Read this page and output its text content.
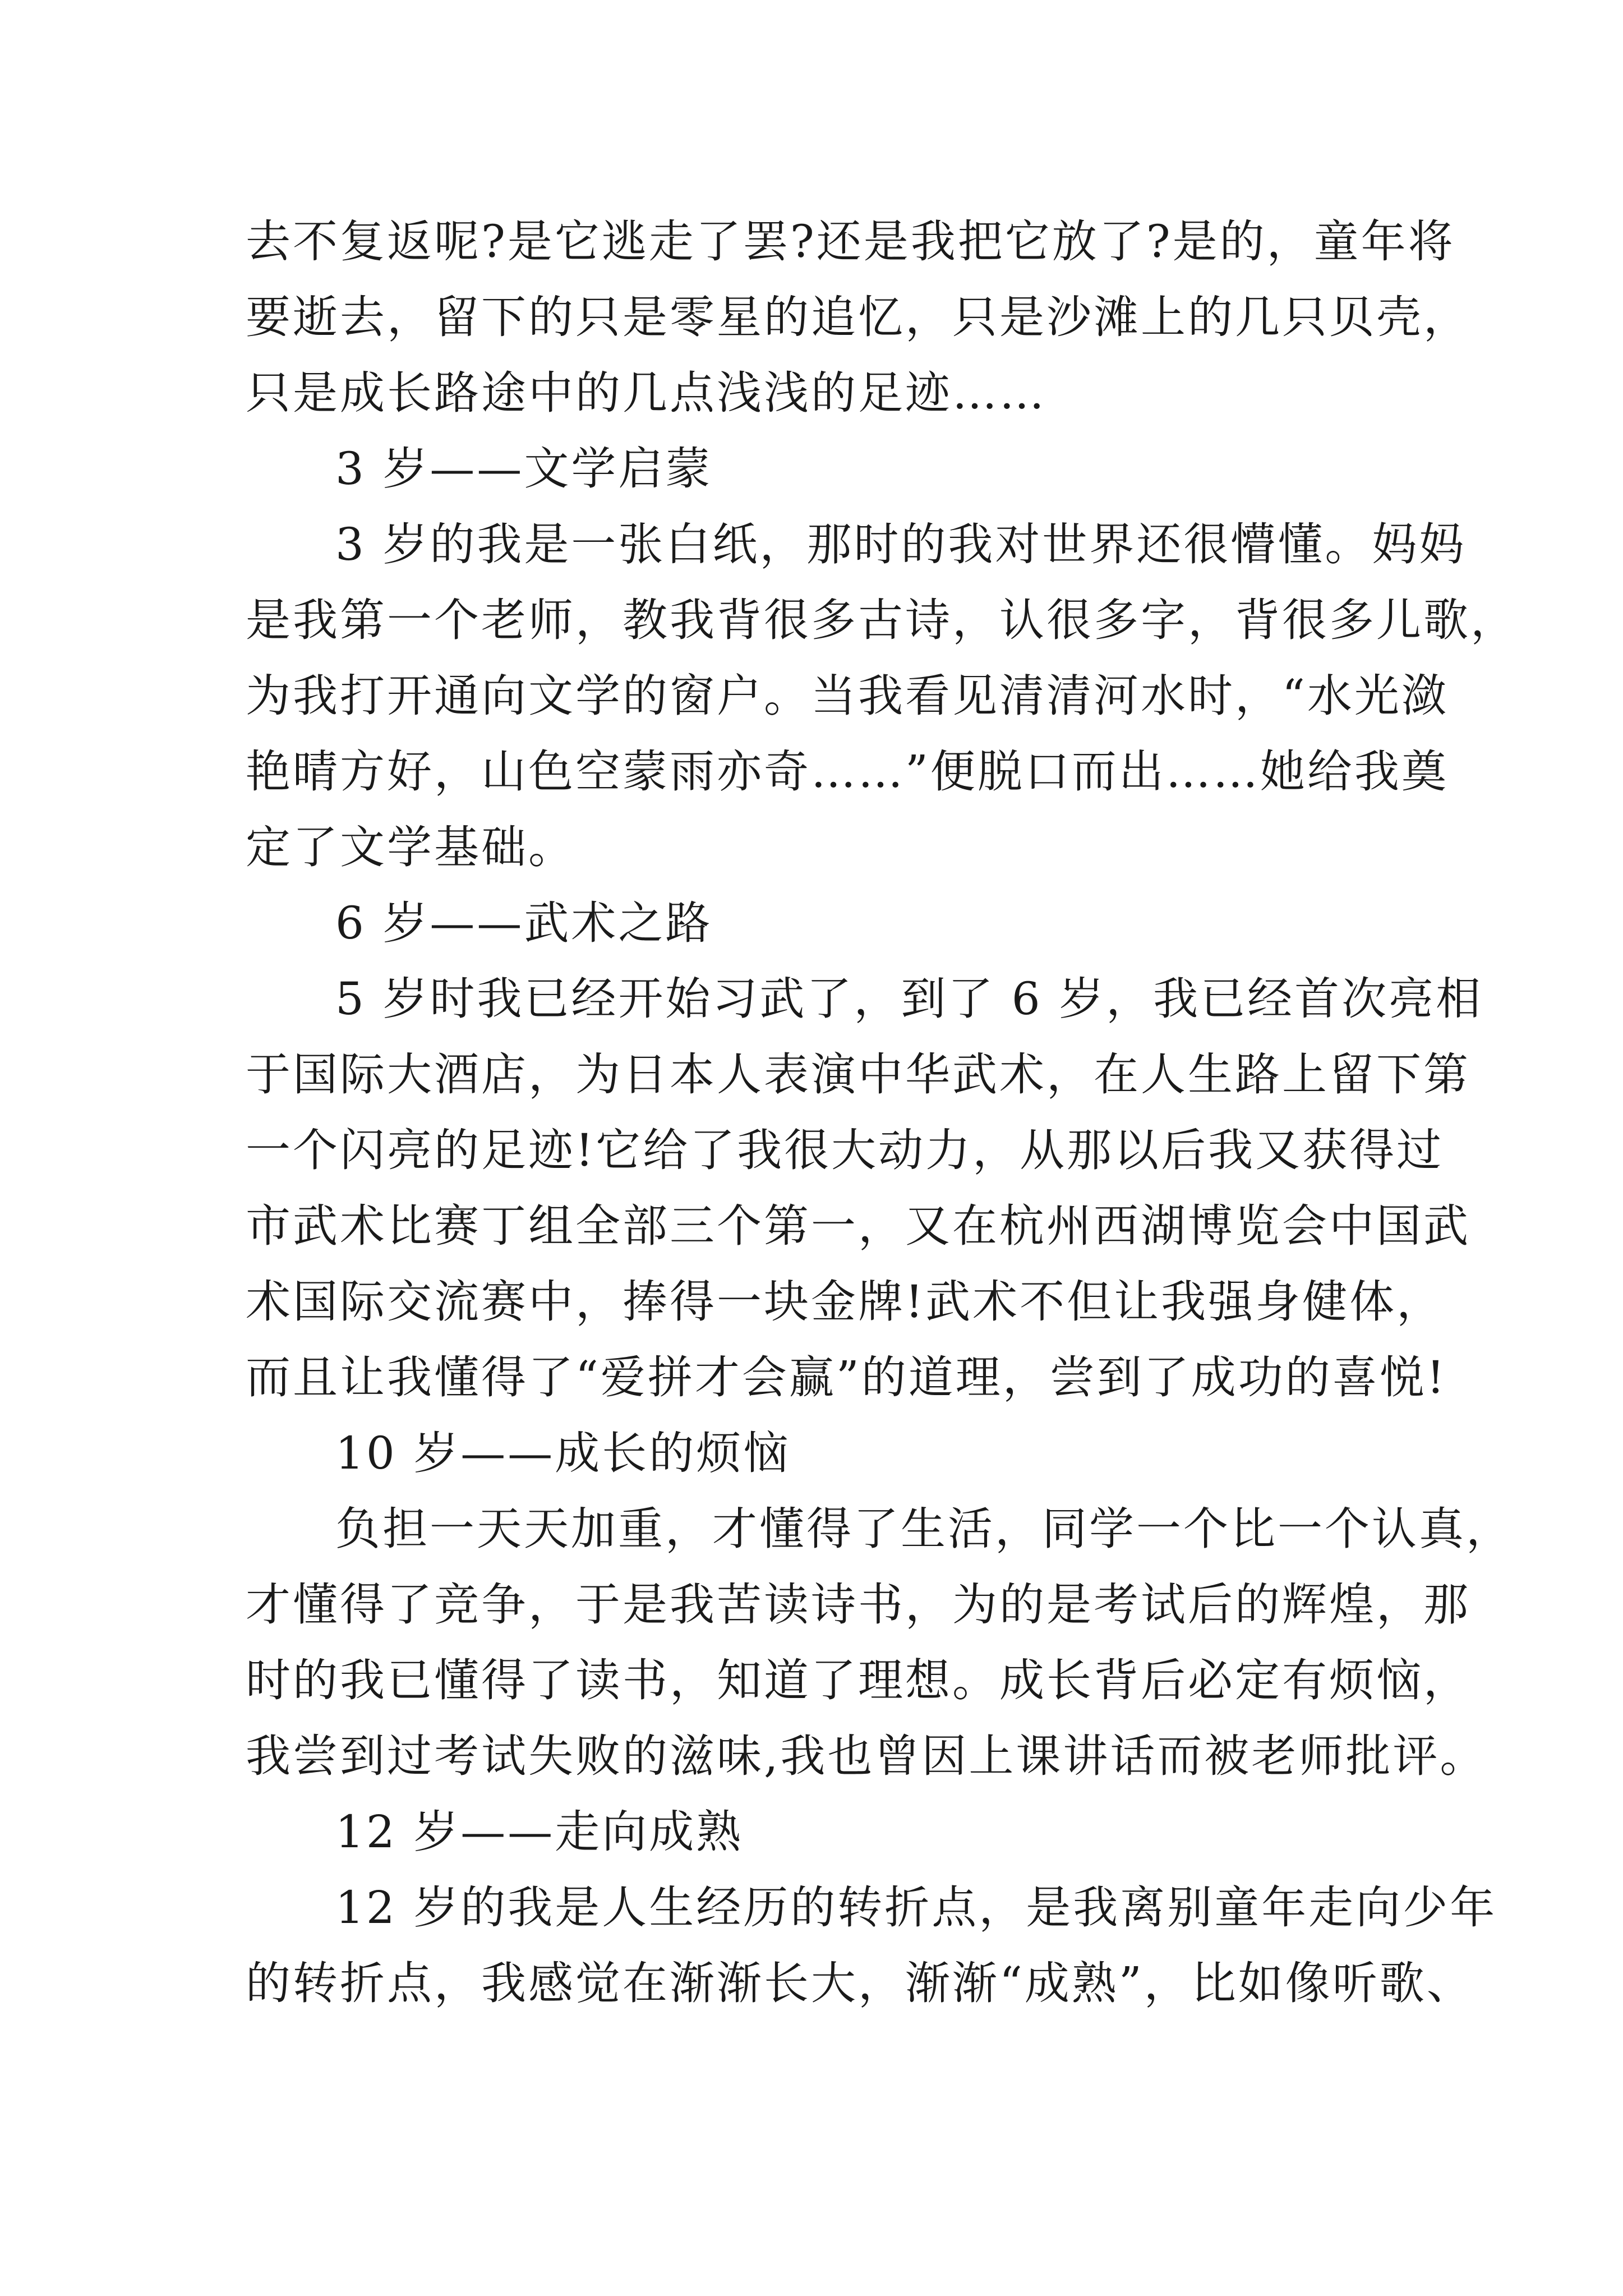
去不复返呢?是它逃走了罢?还是我把它放了?是的，童年将
要逝去，留下的只是零星的追忆，只是沙滩上的几只贝壳，
只是成长路途中的几点浅浅的足迹……
3 岁——文学启蒙
3 岁的我是一张白纸，那时的我对世界还很懵懂。妈妈
是我第一个老师，教我背很多古诗，认很多字，背很多儿歌，
为我打开通向文学的窗户。当我看见清清河水时，“水光潋
艳晴方好，山色空蒙雨亦奇……”便脱口而出……她给我奠
定了文学基础。
6 岁——武术之路
5 岁时我已经开始习武了，到了 6 岁，我已经首次亮相
于国际大酒店，为日本人表演中华武术，在人生路上留下第
一个闪亮的足迹!它给了我很大动力，从那以后我又获得过
市武术比赛丁组全部三个第一，又在杭州西湖博览会中国武
术国际交流赛中，捧得一块金牌!武术不但让我强身健体，
而且让我懂得了“爱拼才会赢”的道理，尝到了成功的喜悦!
10 岁——成长的烦恼
负担一天天加重，才懂得了生活，同学一个比一个认真，
才懂得了竞争，于是我苦读诗书，为的是考试后的辉煌，那
时的我已懂得了读书，知道了理想。成长背后必定有烦恼，
我尝到过考试失败的滋味,我也曾因上课讲话而被老师批评。
12 岁——走向成熟
12 岁的我是人生经历的转折点，是我离别童年走向少年
的转折点，我感觉在渐渐长大，渐渐“成熟”，比如像听歌、
